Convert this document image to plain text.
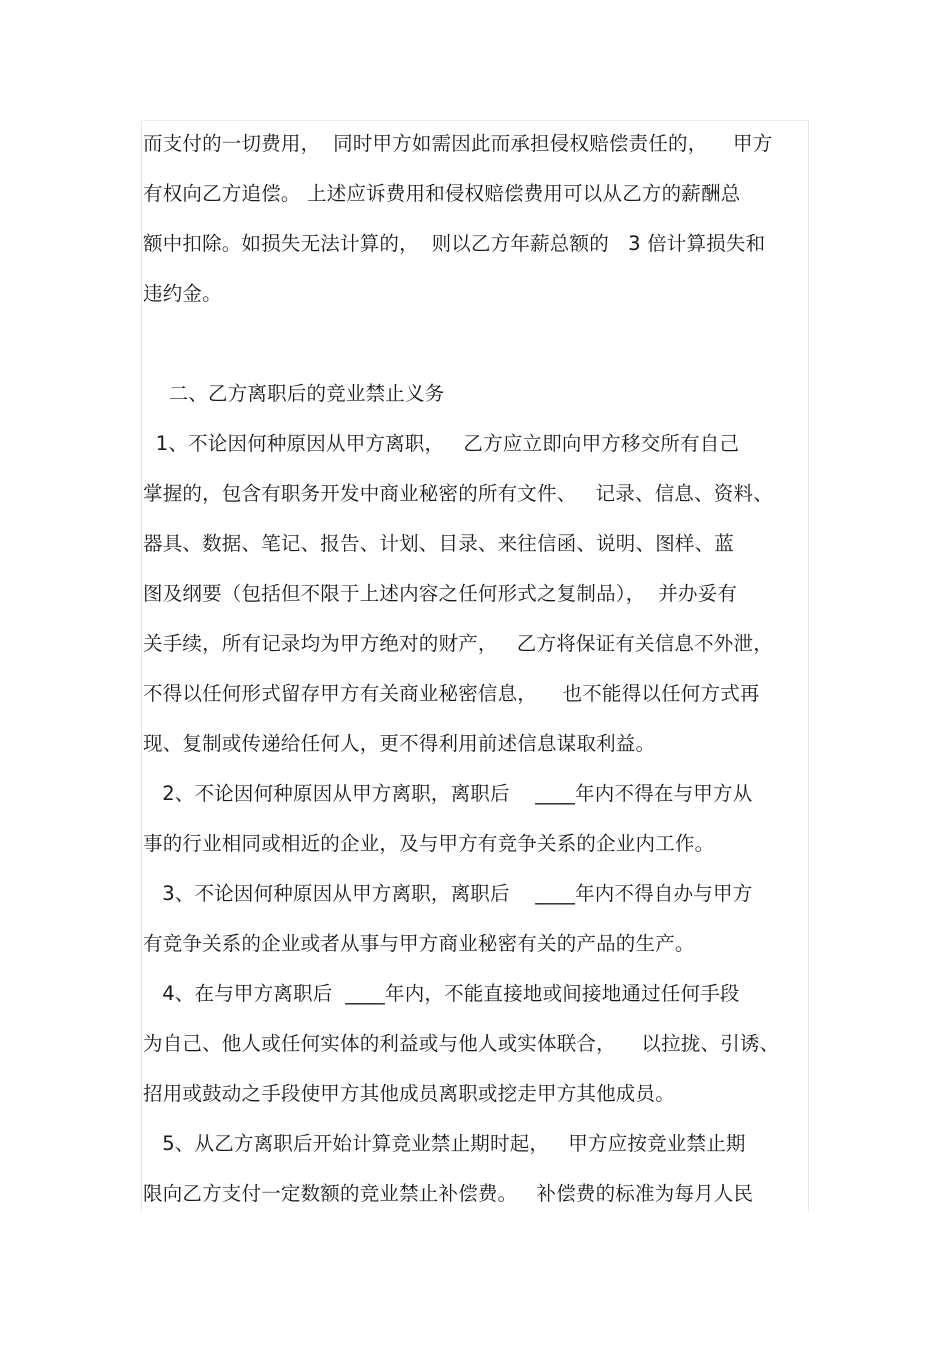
而支付的一切费用，  同时甲方如需因此而承担侵权赔偿责任的，    甲方
有权向乙方追偿。 上述应诉费用和侵权赔偿费用可以从乙方的薪酬总
额中扣除。如损失无法计算的，  则以乙方年薪总额的   3 倍计算损失和
违约金。
二、乙方离职后的竞业禁止义务
1、不论因何种原因从甲方离职，   乙方应立即向甲方移交所有自己
掌握的，包含有职务开发中商业秘密的所有文件、   记录、信息、资料、
器具、数据、笔记、报告、计划、目录、来往信函、说明、图样、蓝
图及纲要（包括但不限于上述内容之任何形式之复制品），  并办妥有
关手续，所有记录均为甲方绝对的财产，   乙方将保证有关信息不外泄，
不得以任何形式留存甲方有关商业秘密信息，    也不能得以任何方式再
现、复制或传递给任何人，更不得利用前述信息谋取利益。
2、不论因何种原因从甲方离职，离职后    ____年内不得在与甲方从
事的行业相同或相近的企业，及与甲方有竞争关系的企业内工作。
3、不论因何种原因从甲方离职，离职后    ____年内不得自办与甲方
有竞争关系的企业或者从事与甲方商业秘密有关的产品的生产。
4、在与甲方离职后  ____年内，不能直接地或间接地通过任何手段
为自己、他人或任何实体的利益或与他人或实体联合，    以拉拢、引诱、
招用或鼓动之手段使甲方其他成员离职或挖走甲方其他成员。
5、从乙方离职后开始计算竞业禁止期时起，   甲方应按竞业禁止期
限向乙方支付一定数额的竞业禁止补偿费。   补偿费的标准为每月人民
